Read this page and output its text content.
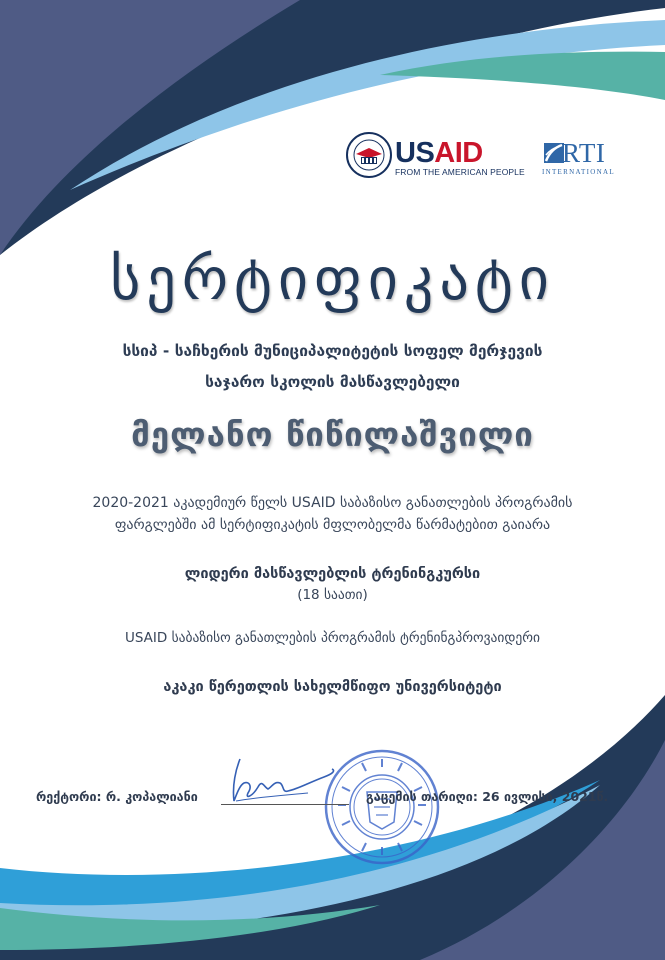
USAID
FROM THE AMERICAN PEOPLE
RTI
INTERNATIONAL
სერტიფიკატი
სსიპ - საჩხერის მუნიციპალიტეტის სოფელ მერჯევის
საჯარო სკოლის მასწავლებელი
მელანო წიწილაშვილი
2020-2021 აკადემიურ წელს USAID საბაზისო განათლების პროგრამის
ფარგლებში ამ სერტიფიკატის მფლობელმა წარმატებით გაიარა
ლიდერი მასწავლებლის ტრენინგკურსი
(18 საათი)
USAID საბაზისო განათლების პროგრამის ტრენინგპროვაიდერი
აკაკი წერეთლის სახელმწიფო უნივერსიტეტი
რექტორი: რ. კოპალიანი	გაცემის თარიღი: 26 ივლისი, 2021წ.
